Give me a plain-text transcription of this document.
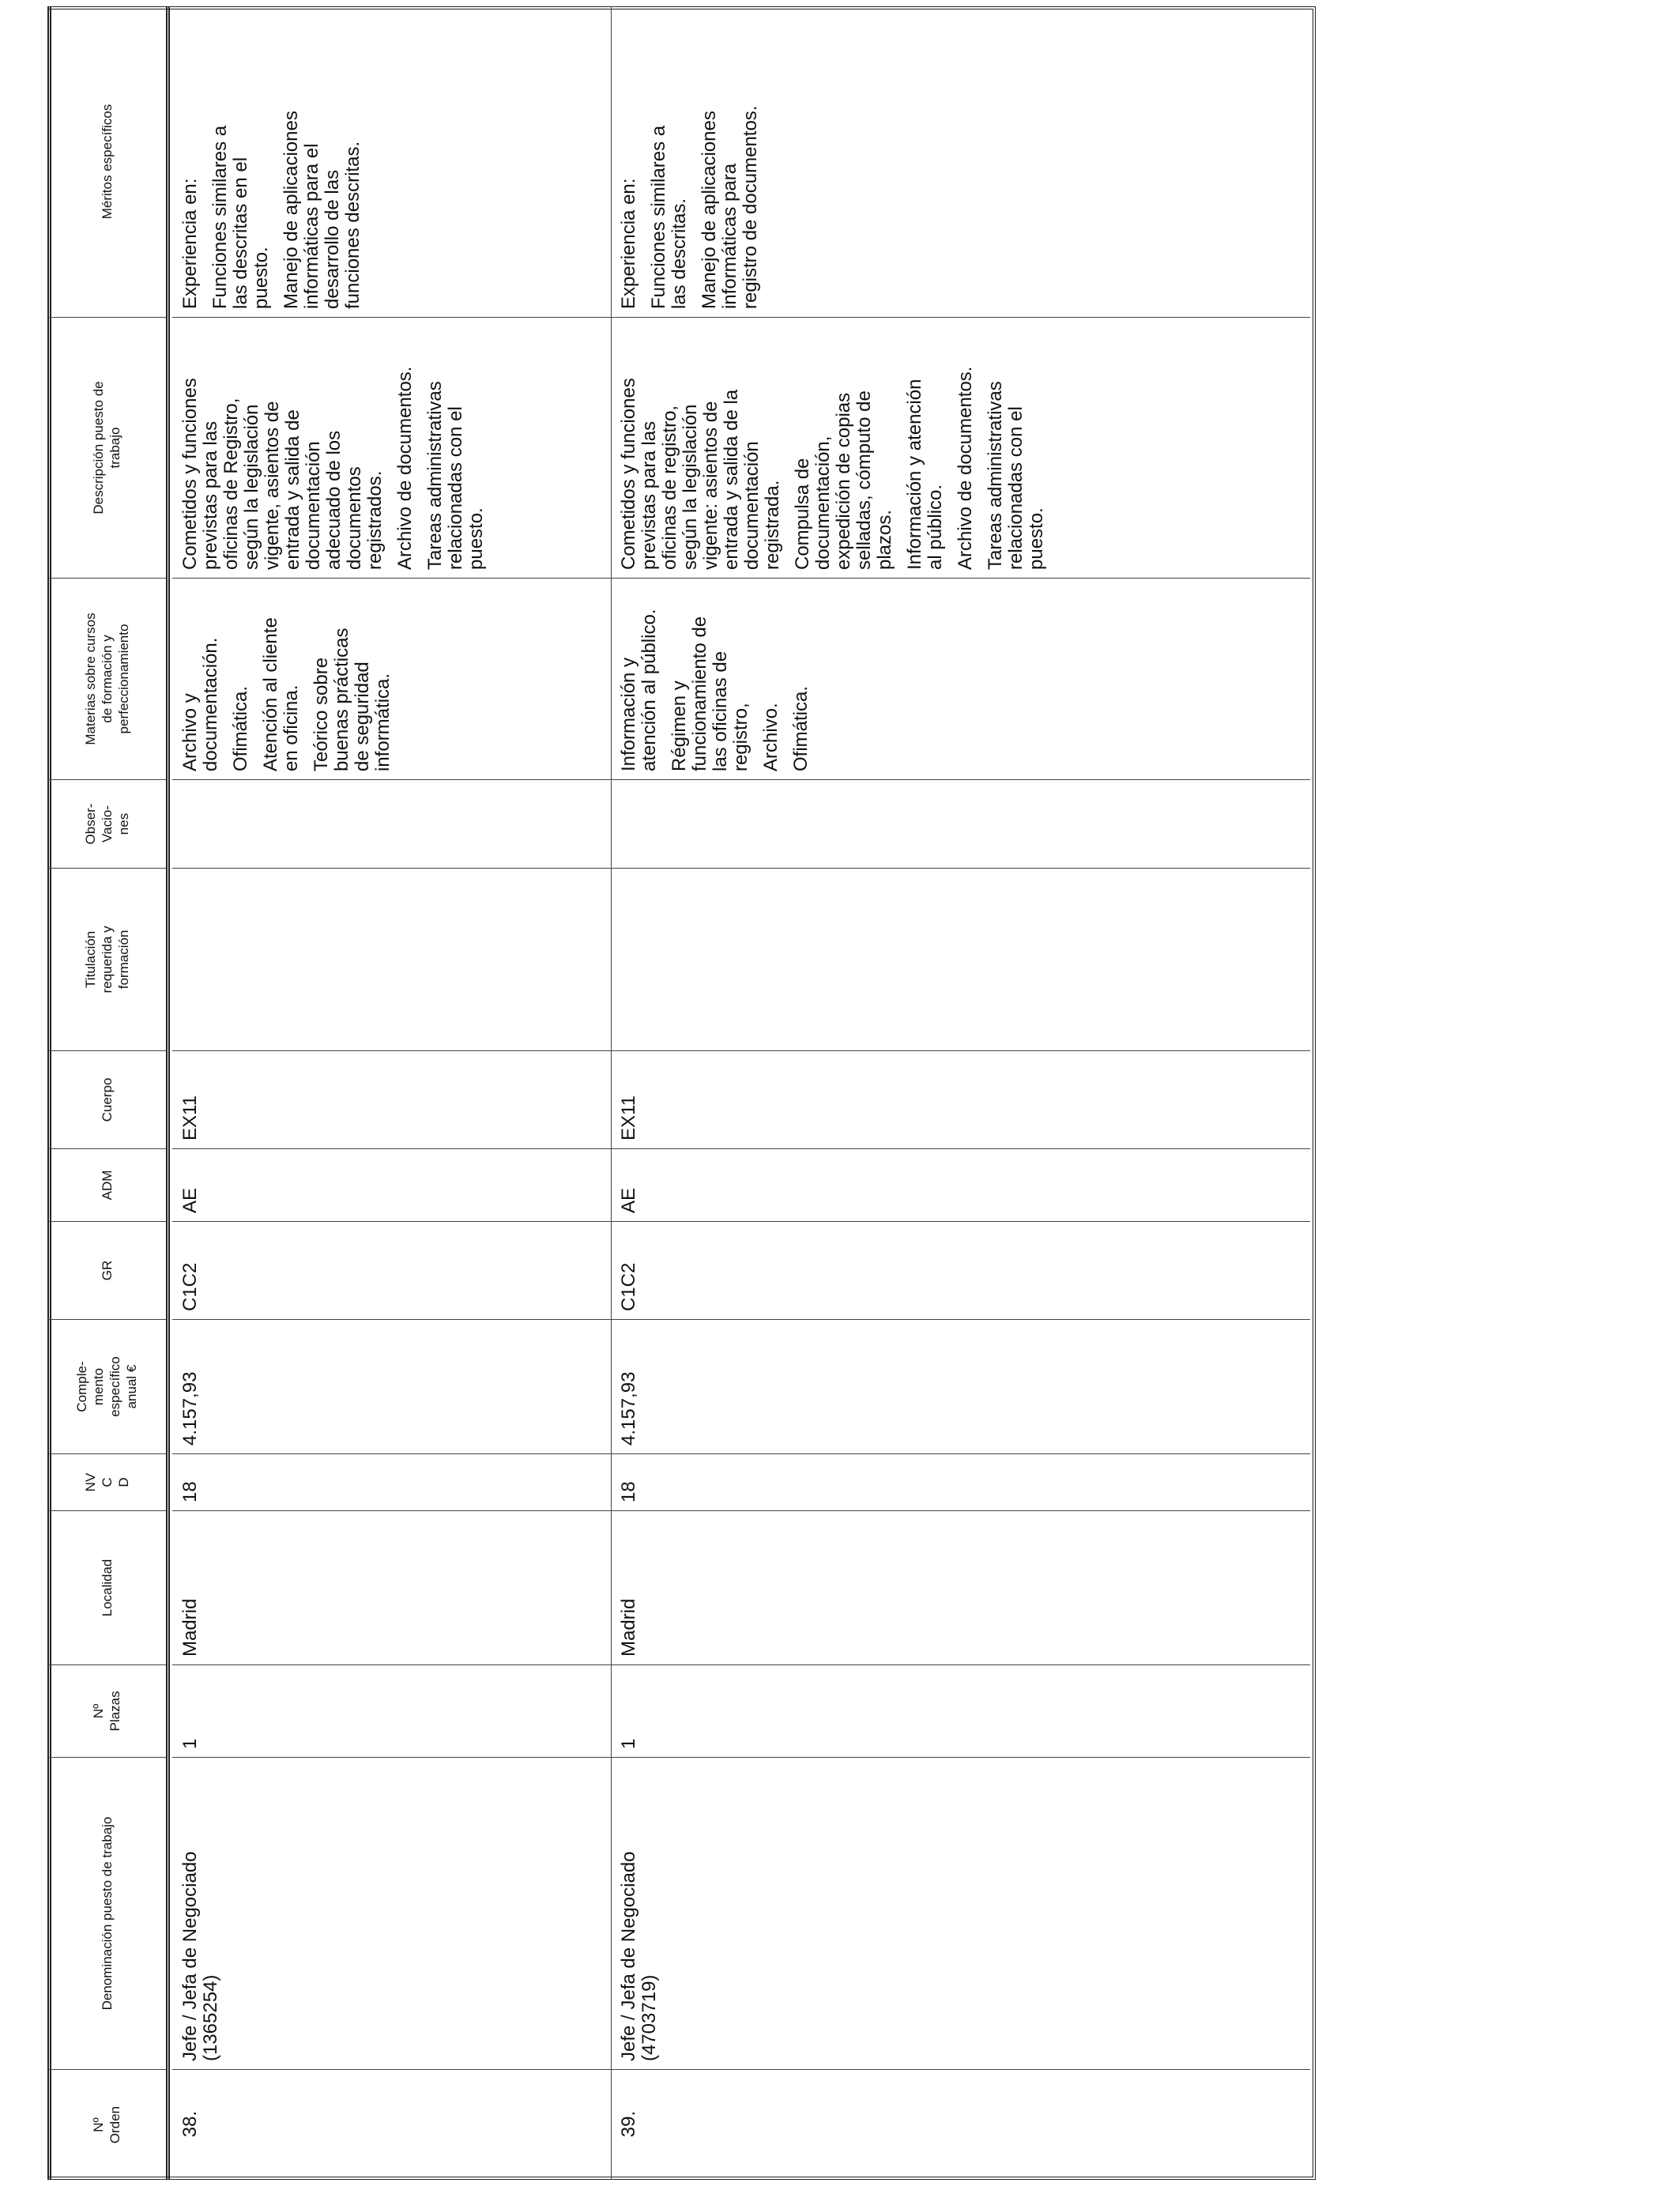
Nº Orden
Denominación puesto de trabajo
Nº Plazas
Localidad
NV C D
Comple- mento específico anual €
GR
ADM
Cuerpo
Titulación requerida y formación
Obser- Vacio- nes
Materias sobre cursos de formación y perfeccionamiento
Descripción puesto de trabajo
Méritos específicos
38.
Jefe / Jefa de Negociado
(1365254)
1
Madrid
18
4.157,93
C1C2
AE
EX11
Archivo y
documentación. Ofimática. Atención al cliente
en oficina. Teórico sobre
buenas prácticas
de seguridad
informática.
Cometidos y funciones
previstas para las
oficinas de Registro,
según la legislación
vigente, asientos de
entrada y salida de
documentación
adecuado de los
documentos
registrados. Archivo de documentos. Tareas administrativas
relacionadas con el
puesto.
Experiencia en: Funciones similares a
las descritas en el
puesto. Manejo de aplicaciones
informáticas para el
desarrollo de las
funciones descritas.
39.
Jefe / Jefa de Negociado
(4703719)
1
Madrid
18
4.157,93
C1C2
AE
EX11
Información y
atención al público. Régimen y
funcionamiento de
las oficinas de
registro, Archivo. Ofimática.
Cometidos y funciones
previstas para las
oficinas de registro,
según la legislación
vigente: asientos de
entrada y salida de la
documentación
registrada. Compulsa de
documentación,
expedición de copias
selladas, cómputo de
plazos. Información y atención
al público. Archivo de documentos. Tareas administrativas
relacionadas con el
puesto.
Experiencia en: Funciones similares a
las descritas. Manejo de aplicaciones
informáticas para
registro de documentos.
